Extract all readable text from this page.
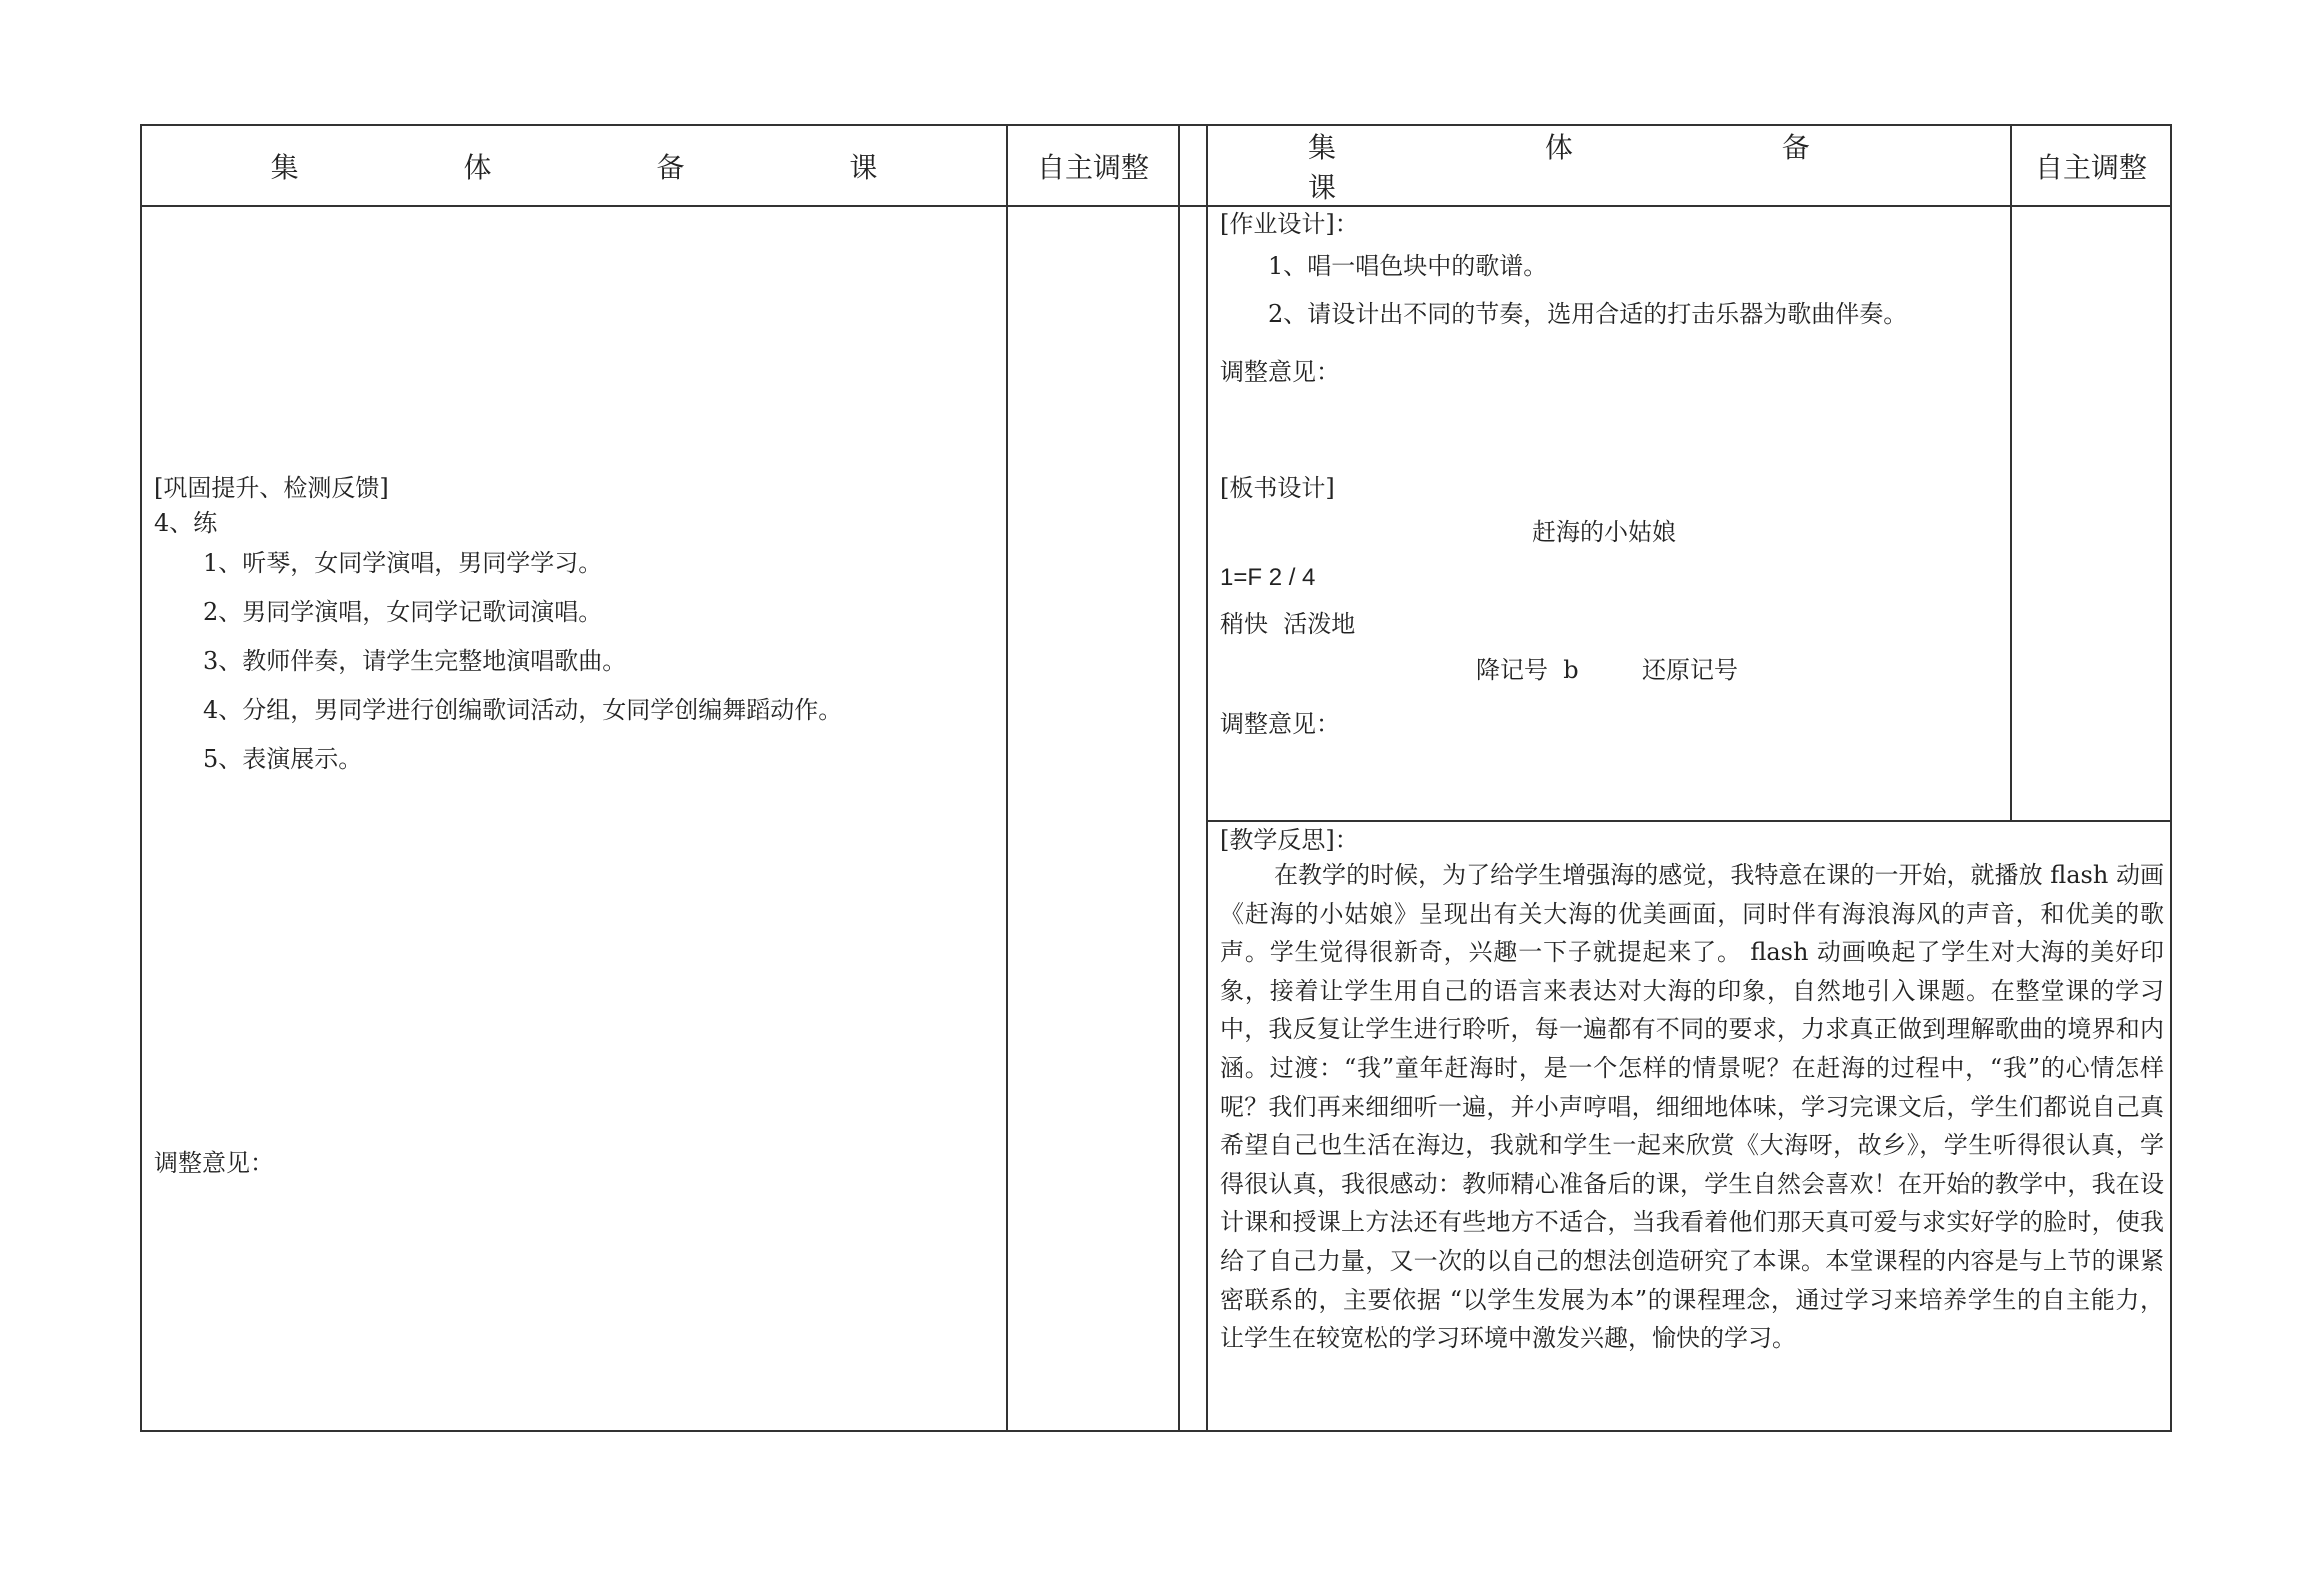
集 体 备 课	自主调整
集 体 备 课
自主调整
[巩固提升、检测反馈]
4、练
1、听琴，女同学演唱，男同学学习。
2、男同学演唱，女同学记歌词演唱。
3、教师伴奏，请学生完整地演唱歌曲。
4、分组，男同学进行创编歌词活动，女同学创编舞蹈动作。
5、表演展示。
调整意见：
[作业设计]：
1、唱一唱色块中的歌谱。
2、请设计出不同的节奏，选用合适的打击乐器为歌曲伴奏。
调整意见：
[板书设计]
赶海的小姑娘
1=F 2 / 4
稍快  活泼地
降记号  b	还原记号
调整意见：
[教学反思]：
在教学的时候，为了给学生增强海的感觉，我特意在课的一开始，就播放 flash 动画《赶海的小姑娘》呈现出有关大海的优美画面，同时伴有海浪海风的声音，和优美的歌声。学生觉得很新奇，兴趣一下子就提起来了。 flash 动画唤起了学生对大海的美好印象，接着让学生用自己的语言来表达对大海的印象，自然地引入课题。在整堂课的学习中，我反复让学生进行聆听，每一遍都有不同的要求，力求真正做到理解歌曲的境界和内涵。过渡：“我”童年赶海时，是一个怎样的情景呢？在赶海的过程中，“我”的心情怎样呢？我们再来细细听一遍，并小声哼唱，细细地体味，学习完课文后，学生们都说自己真希望自己也生活在海边，我就和学生一起来欣赏《大海呀，故乡》，学生听得很认真，学得很认真，我很感动：教师精心准备后的课，学生自然会喜欢！在开始的教学中，我在设计课和授课上方法还有些地方不适合，当我看着他们那天真可爱与求实好学的脸时，使我给了自己力量，又一次的以自己的想法创造研究了本课。本堂课程的内容是与上节的课紧密联系的，主要依据 “以学生发展为本”的课程理念，通过学习来培养学生的自主能力，让学生在较宽松的学习环境中激发兴趣，愉快的学习。
